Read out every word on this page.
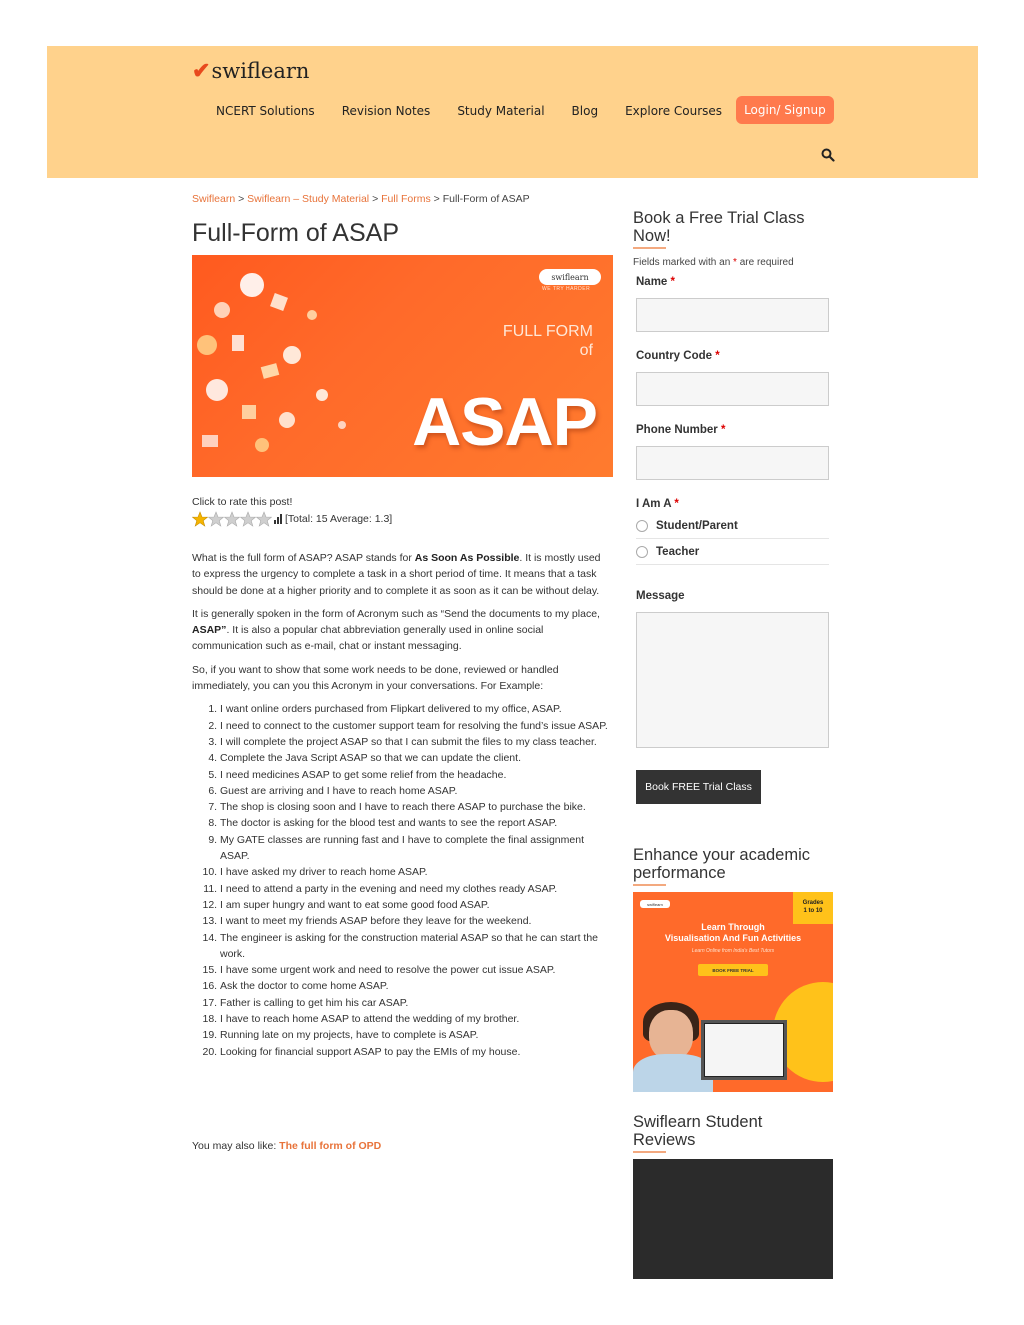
✔ swiflearn
NCERT Solutions Revision Notes Study Material Blog Explore Courses	Login/ Signup
Swiflearn > Swiflearn – Study Material > Full Forms > Full-Form of ASAP
Full-Form of ASAP
swiflearn
WE TRY HARDER
FULL FORM
of
ASAP
Click to rate this post!
[Total: 15 Average: 1.3]

What is the full form of ASAP? ASAP stands for As Soon As Possible. It is mostly used to express the urgency to complete a task in a short period of time. It means that a task should be done at a higher priority and to complete it as soon as it can be without delay.

It is generally spoken in the form of Acronym such as “Send the documents to my place, ASAP”. It is also a popular chat abbreviation generally used in online social communication such as e-mail, chat or instant messaging.

So, if you want to show that some work needs to be done, reviewed or handled immediately, you can you this Acronym in your conversations. For Example:

1. I want online orders purchased from Flipkart delivered to my office, ASAP.
2. I need to connect to the customer support team for resolving the fund’s issue ASAP.
3. I will complete the project ASAP so that I can submit the files to my class teacher.
4. Complete the Java Script ASAP so that we can update the client.
5. I need medicines ASAP to get some relief from the headache.
6. Guest are arriving and I have to reach home ASAP.
7. The shop is closing soon and I have to reach there ASAP to purchase the bike.
8. The doctor is asking for the blood test and wants to see the report ASAP.
9. My GATE classes are running fast and I have to complete the final assignment ASAP.
10. I have asked my driver to reach home ASAP.
11. I need to attend a party in the evening and need my clothes ready ASAP.
12. I am super hungry and want to eat some good food ASAP.
13. I want to meet my friends ASAP before they leave for the weekend.
14. The engineer is asking for the construction material ASAP so that he can start the work.
15. I have some urgent work and need to resolve the power cut issue ASAP.
16. Ask the doctor to come home ASAP.
17. Father is calling to get him his car ASAP.
18. I have to reach home ASAP to attend the wedding of my brother.
19. Running late on my projects, have to complete is ASAP.
20. Looking for financial support ASAP to pay the EMIs of my house.
You may also like: The full form of OPD
Book a Free Trial Class Now!
Fields marked with an * are required
Name *
Country Code *
Phone Number *
I Am A *
Student/Parent
Teacher
Message
Book FREE Trial Class
Enhance your academic performance
swiflearn	Grades
1 to 10
Learn Through
Visualisation And Fun Activities
Learn Online from India's Best Tutors
BOOK FREE TRIAL
Swiflearn Student Reviews
